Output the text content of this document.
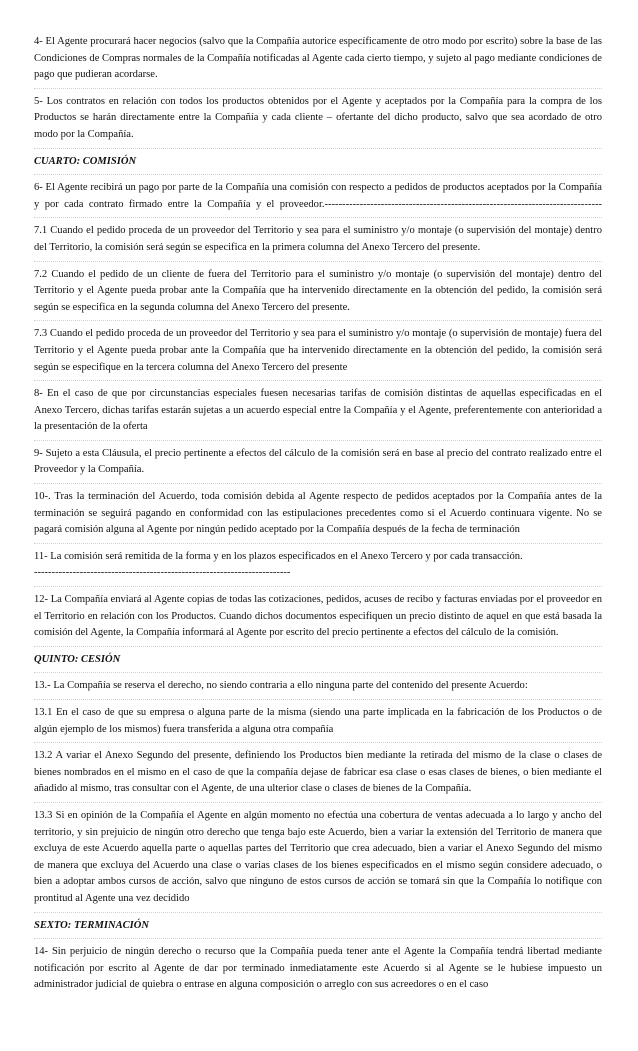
4- El Agente procurará hacer negocios (salvo que la Compañía autorice específicamente de otro modo por escrito) sobre la base de las Condiciones de Compras normales de la Compañía notificadas al Agente cada cierto tiempo, y sujeto al pago mediante condiciones de pago que pudieran acordarse.

5- Los contratos en relación con todos los productos obtenidos por el Agente y aceptados por la Compañía para la compra de los Productos se harán directamente entre la Compañía y cada cliente – ofertante del dicho producto, salvo que sea acordado de otro modo por la Compañía.

CUARTO: COMISIÓN

6- El Agente recibirá un pago por parte de la Compañía una comisión con respecto a pedidos de productos aceptados por la Compañía y por cada contrato firmado entre la Compañía y el proveedor.-------------------------------------------------------------------------------

7.1 Cuando el pedido proceda de un proveedor del Territorio y sea para el suministro y/o montaje (o supervisión del montaje) dentro del Territorio, la comisión será según se especifica en la primera columna del Anexo Tercero del presente.

7.2 Cuando el pedido de un cliente de fuera del Territorio para el suministro y/o montaje (o supervisión del montaje) dentro del Territorio y el Agente pueda probar ante la Compañía que ha intervenido directamente en la obtención del pedido, la comisión será según se especifica en la segunda columna del Anexo Tercero del presente.

7.3 Cuando el pedido proceda de un proveedor del Territorio y sea para el suministro y/o montaje (o supervisión de montaje) fuera del Territorio y el Agente pueda probar ante la Compañía que ha intervenido directamente en la obtención del pedido, la comisión será según se especifique en la tercera columna del Anexo Tercero del presente

8- En el caso de que por circunstancias especiales fuesen necesarias tarifas de comisión distintas de aquellas especificadas en el Anexo Tercero, dichas tarifas estarán sujetas a un acuerdo especial entre la Compañía y el Agente, preferentemente con anterioridad a la presentación de la oferta

9- Sujeto a esta Cláusula, el precio pertinente a efectos del cálculo de la comisión será en base al precio del contrato realizado entre el Proveedor y la Compañía.

10-. Tras la terminación del Acuerdo, toda comisión debida al Agente respecto de pedidos aceptados por la Compañía antes de la terminación se seguirá pagando en conformidad con las estipulaciones precedentes como si el Acuerdo continuara vigente. No se pagará comisión alguna al Agente por ningún pedido aceptado por la Compañía después de la fecha de terminación

11- La comisión será remitida de la forma y en los plazos especificados en el Anexo Tercero y por cada transacción.
-------------------------------------------------------------------------

12- La Compañía enviará al Agente copias de todas las cotizaciones, pedidos, acuses de recibo y facturas enviadas por el proveedor en el Territorio en relación con los Productos. Cuando dichos documentos especifiquen un precio distinto de aquel en que está basada la comisión del Agente, la Compañía informará al Agente por escrito del precio pertinente a efectos del cálculo de la comisión.

QUINTO: CESIÓN

13.- La Compañía se reserva el derecho, no siendo contraria a ello ninguna parte del contenido del presente Acuerdo:

13.1 En el caso de que su empresa o alguna parte de la misma (siendo una parte implicada en la fabricación de los Productos o de algún ejemplo de los mismos) fuera transferida a alguna otra compañía

13.2 A variar el Anexo Segundo del presente, definiendo los Productos bien mediante la retirada del mismo de la clase o clases de bienes nombrados en el mismo en el caso de que la compañía dejase de fabricar esa clase o esas clases de bienes, o bien mediante el añadido al mismo, tras consultar con el Agente, de una ulterior clase o clases de bienes de la Compañía.

13.3 Si en opinión de la Compañía el Agente en algún momento no efectúa una cobertura de ventas adecuada a lo largo y ancho del territorio, y sin prejuicio de ningún otro derecho que tenga bajo este Acuerdo, bien a variar la extensión del Territorio de manera que excluya de este Acuerdo aquella parte o aquellas partes del Territorio que crea adecuado, bien a variar el Anexo Segundo del mismo de manera que excluya del Acuerdo una clase o varias clases de los bienes especificados en el mismo según considere adecuado, o bien a adoptar ambos cursos de acción, salvo que ninguno de estos cursos de acción se tomará sin que la Compañía lo notifique con prontitud al Agente una vez decidido

SEXTO: TERMINACIÓN

14- Sin perjuicio de ningún derecho o recurso que la Compañía pueda tener ante el Agente la Compañía tendrá libertad mediante notificación por escrito al Agente de dar por terminado inmediatamente este Acuerdo si al Agente se le hubiese impuesto un administrador judicial de quiebra o entrase en alguna composición o arreglo con sus acreedores o en el caso
